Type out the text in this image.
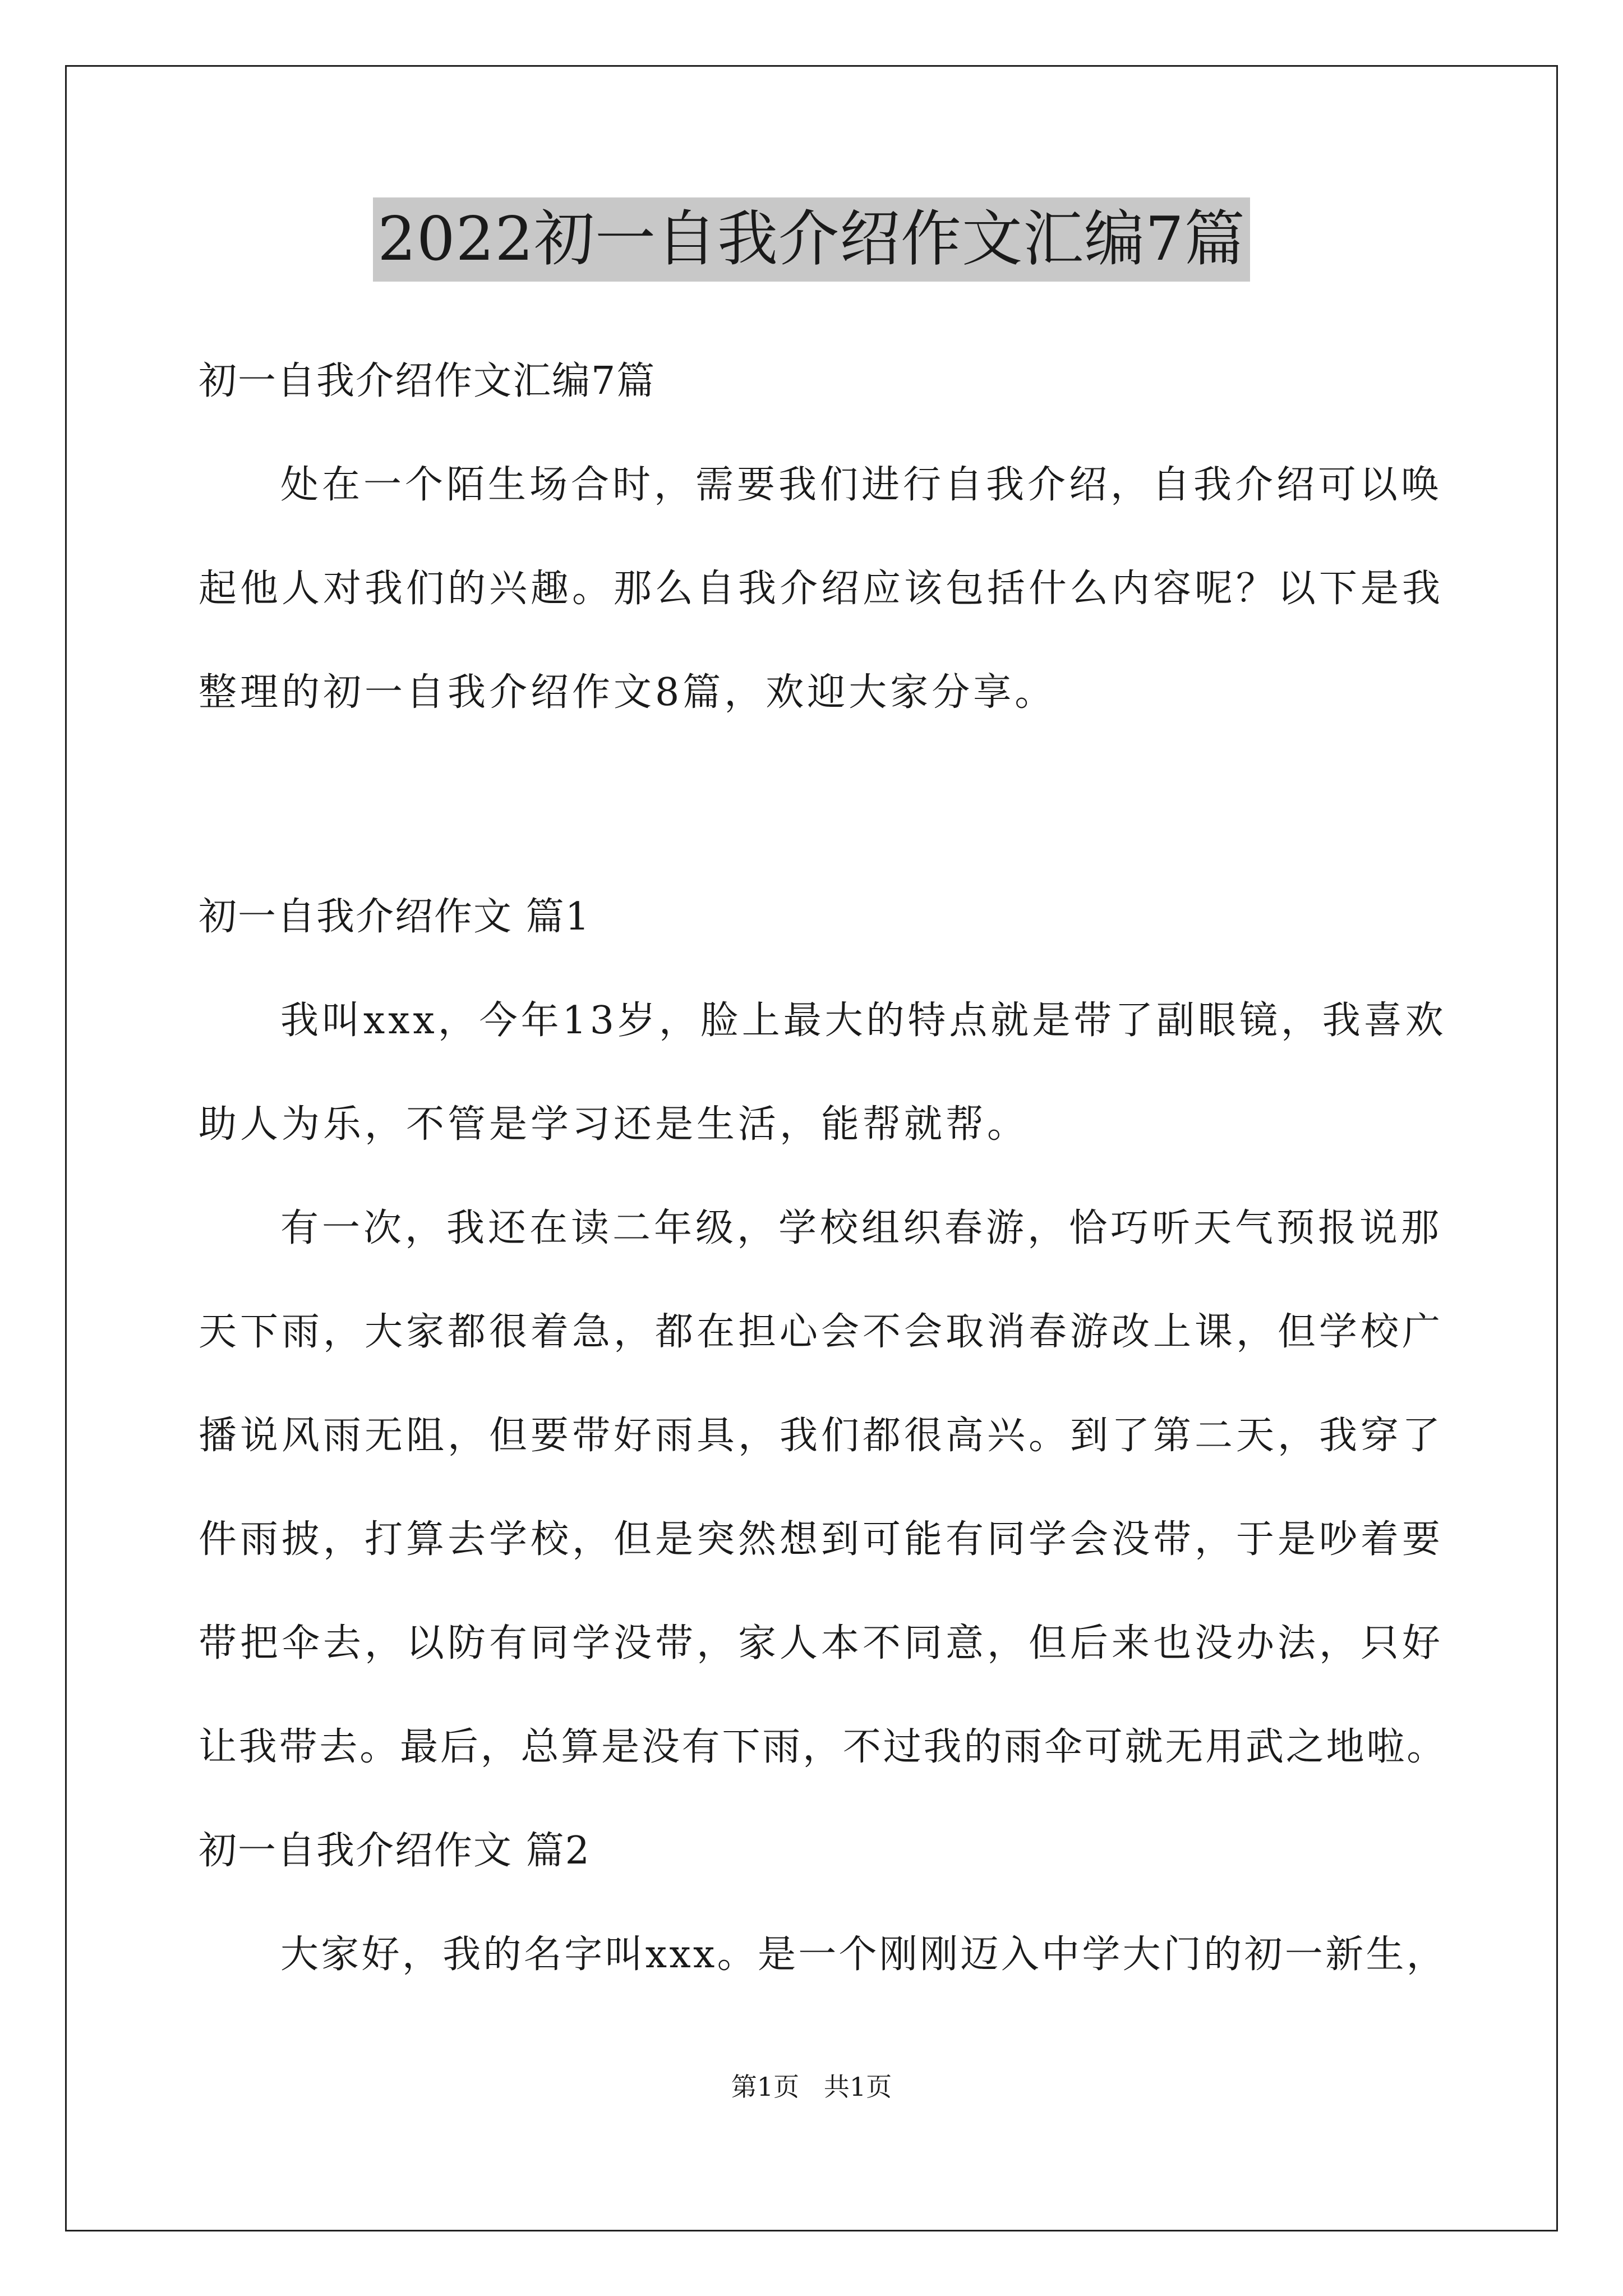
2022初一自我介绍作文汇编7篇
初一自我介绍作文汇编7篇
处在一个陌生场合时，需要我们进行自我介绍，自我介绍可以唤
起他人对我们的兴趣。那么自我介绍应该包括什么内容呢？以下是我
整理的初一自我介绍作文8篇，欢迎大家分享。
初一自我介绍作文 篇1
我叫xxx，今年13岁，脸上最大的特点就是带了副眼镜，我喜欢
助人为乐，不管是学习还是生活，能帮就帮。
有一次，我还在读二年级，学校组织春游，恰巧听天气预报说那
天下雨，大家都很着急，都在担心会不会取消春游改上课，但学校广
播说风雨无阻，但要带好雨具，我们都很高兴。到了第二天，我穿了
件雨披，打算去学校，但是突然想到可能有同学会没带，于是吵着要
带把伞去，以防有同学没带，家人本不同意，但后来也没办法，只好
让我带去。最后，总算是没有下雨，不过我的雨伞可就无用武之地啦。
初一自我介绍作文 篇2
大家好，我的名字叫xxx。是一个刚刚迈入中学大门的初一新生，
第1页   共1页
